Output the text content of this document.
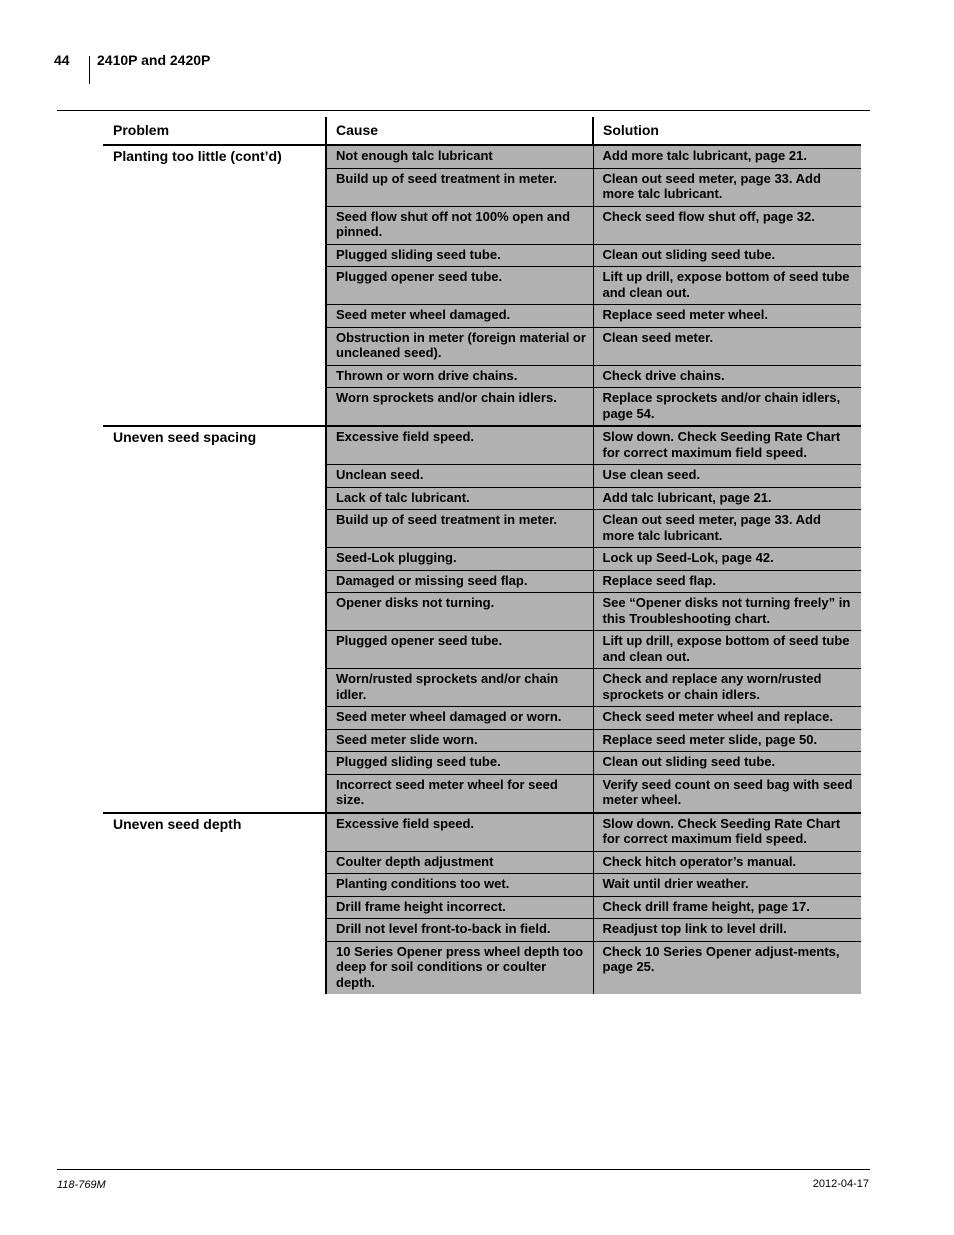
44 2410P and 2420P
Problem	Cause	Solution
Planting too little (cont’d)	Not enough talc lubricant	Add more talc lubricant, page 21.
	Build up of seed treatment in meter.	Clean out seed meter, page 33. Add more talc lubricant.
	Seed flow shut off not 100% open and pinned.	Check seed flow shut off, page 32.
	Plugged sliding seed tube.	Clean out sliding seed tube.
	Plugged opener seed tube.	Lift up drill, expose bottom of seed tube and clean out.
	Seed meter wheel damaged.	Replace seed meter wheel.
	Obstruction in meter (foreign material or uncleaned seed).	Clean seed meter.
	Thrown or worn drive chains.	Check drive chains.
	Worn sprockets and/or chain idlers.	Replace sprockets and/or chain idlers, page 54.
Uneven seed spacing	Excessive field speed.	Slow down. Check Seeding Rate Chart for correct maximum field speed.
	Unclean seed.	Use clean seed.
	Lack of talc lubricant.	Add talc lubricant, page 21.
	Build up of seed treatment in meter.	Clean out seed meter, page 33. Add more talc lubricant.
	Seed-Lok plugging.	Lock up Seed-Lok, page 42.
	Damaged or missing seed flap.	Replace seed flap.
	Opener disks not turning.	See “Opener disks not turning freely” in this Troubleshooting chart.
	Plugged opener seed tube.	Lift up drill, expose bottom of seed tube and clean out.
	Worn/rusted sprockets and/or chain idler.	Check and replace any worn/rusted sprockets or chain idlers.
	Seed meter wheel damaged or worn.	Check seed meter wheel and replace.
	Seed meter slide worn.	Replace seed meter slide, page 50.
	Plugged sliding seed tube.	Clean out sliding seed tube.
	Incorrect seed meter wheel for seed size.	Verify seed count on seed bag with seed meter wheel.
Uneven seed depth	Excessive field speed.	Slow down. Check Seeding Rate Chart for correct maximum field speed.
	Coulter depth adjustment	Check hitch operator’s manual.
	Planting conditions too wet.	Wait until drier weather.
	Drill frame height incorrect.	Check drill frame height, page 17.
	Drill not level front-to-back in field.	Readjust top link to level drill.
	10 Series Opener press wheel depth too deep for soil conditions or coulter depth.	Check 10 Series Opener adjust-ments, page 25.
118-769M	2012-04-17
